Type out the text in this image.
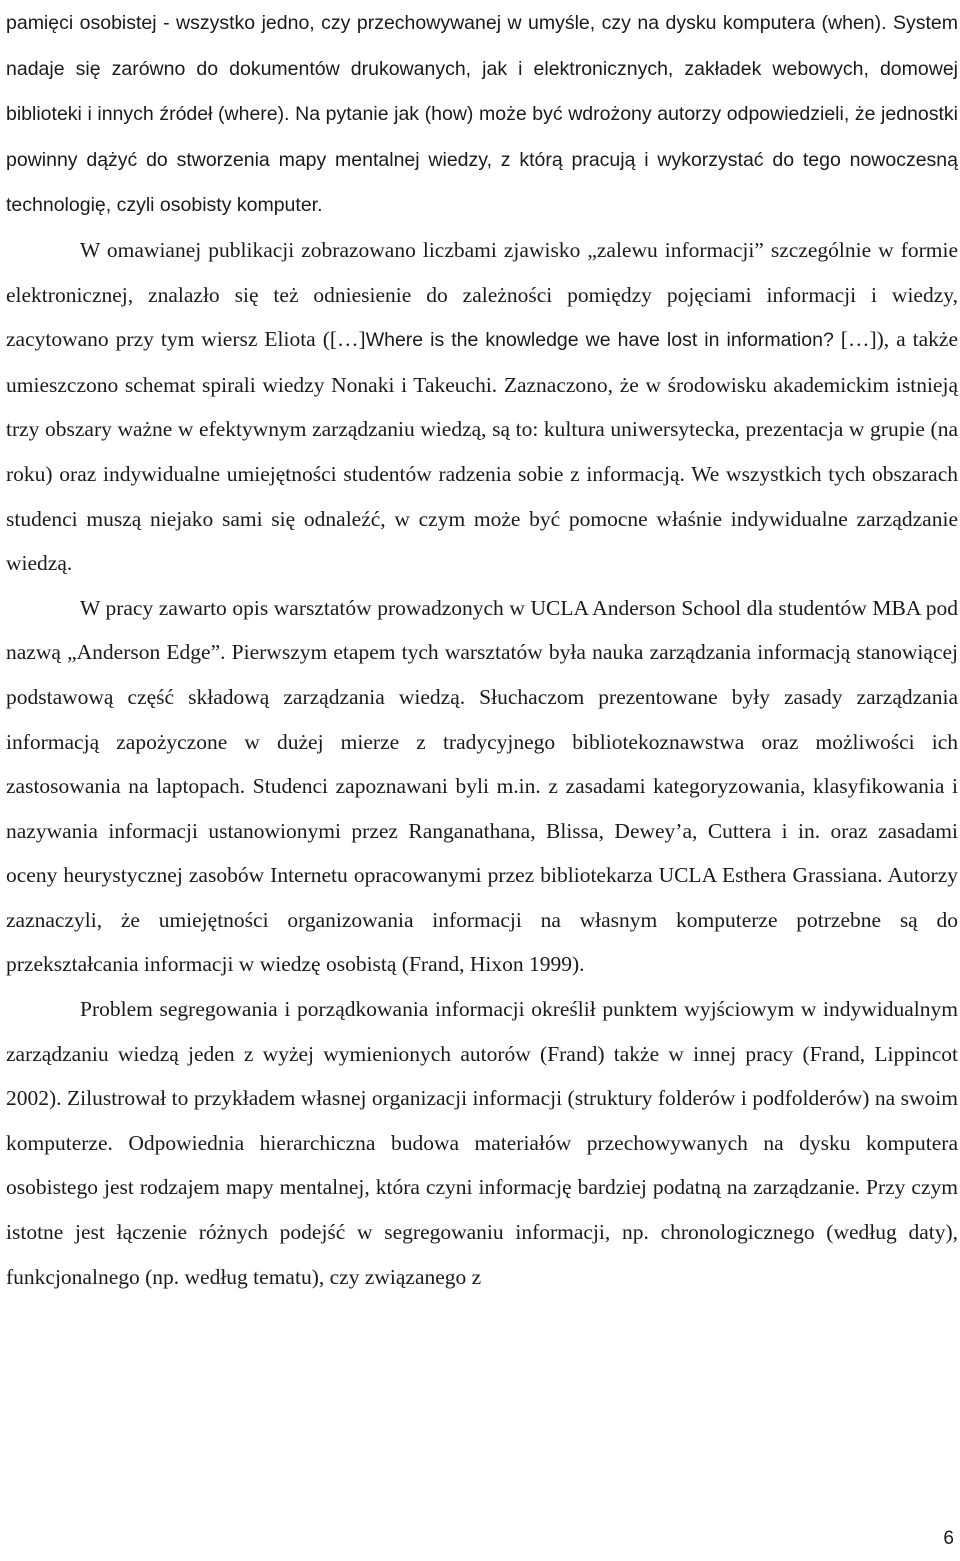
pamięci osobistej - wszystko jedno, czy przechowywanej w umyśle, czy na dysku komputera (when). System nadaje się zarówno do dokumentów drukowanych, jak i elektronicznych, zakładek webowych, domowej biblioteki i innych źródeł (where). Na pytanie jak (how) może być wdrożony autorzy odpowiedzieli, że jednostki powinny dążyć do stworzenia mapy mentalnej wiedzy, z którą pracują i wykorzystać do tego nowoczesną technologię, czyli osobisty komputer.

W omawianej publikacji zobrazowano liczbami zjawisko „zalewu informacji” szczególnie w formie elektronicznej, znalazło się też odniesienie do zależności pomiędzy pojęciami informacji i wiedzy, zacytowano przy tym wiersz Eliota ([…]Where is the knowledge we have lost in information? […]), a także umieszczono schemat spirali wiedzy Nonaki i Takeuchi. Zaznaczono, że w środowisku akademickim istnieją trzy obszary ważne w efektywnym zarządzaniu wiedzą, są to: kultura uniwersytecka, prezentacja w grupie (na roku) oraz indywidualne umiejętności studentów radzenia sobie z informacją. We wszystkich tych obszarach studenci muszą niejako sami się odnaleźć, w czym może być pomocne właśnie indywidualne zarządzanie wiedzą.

W pracy zawarto opis warsztatów prowadzonych w UCLA Anderson School dla studentów MBA pod nazwą „Anderson Edge”. Pierwszym etapem tych warsztatów była nauka zarządzania informacją stanowiącej podstawową część składową zarządzania wiedzą. Słuchaczom prezentowane były zasady zarządzania informacją zapożyczone w dużej mierze z tradycyjnego bibliotekoznawstwa oraz możliwości ich zastosowania na laptopach. Studenci zapoznawani byli m.in. z zasadami kategoryzowania, klasyfikowania i nazywania informacji ustanowionymi przez Ranganathana, Blissa, Dewey’a, Cuttera i in. oraz zasadami oceny heurystycznej zasobów Internetu opracowanymi przez bibliotekarza UCLA Esthera Grassiana. Autorzy zaznaczyli, że umiejętności organizowania informacji na własnym komputerze potrzebne są do przekształcania informacji w wiedzę osobistą (Frand, Hixon 1999).

Problem segregowania i porządkowania informacji określił punktem wyjściowym w indywidualnym zarządzaniu wiedzą jeden z wyżej wymienionych autorów (Frand) także w innej pracy (Frand, Lippincot 2002). Zilustrował to przykładem własnej organizacji informacji (struktury folderów i podfolderów) na swoim komputerze. Odpowiednia hierarchiczna budowa materiałów przechowywanych na dysku komputera osobistego jest rodzajem mapy mentalnej, która czyni informację bardziej podatną na zarządzanie. Przy czym istotne jest łączenie różnych podejść w segregowaniu informacji, np. chronologicznego (według daty), funkcjonalnego (np. według tematu), czy związanego z

6
